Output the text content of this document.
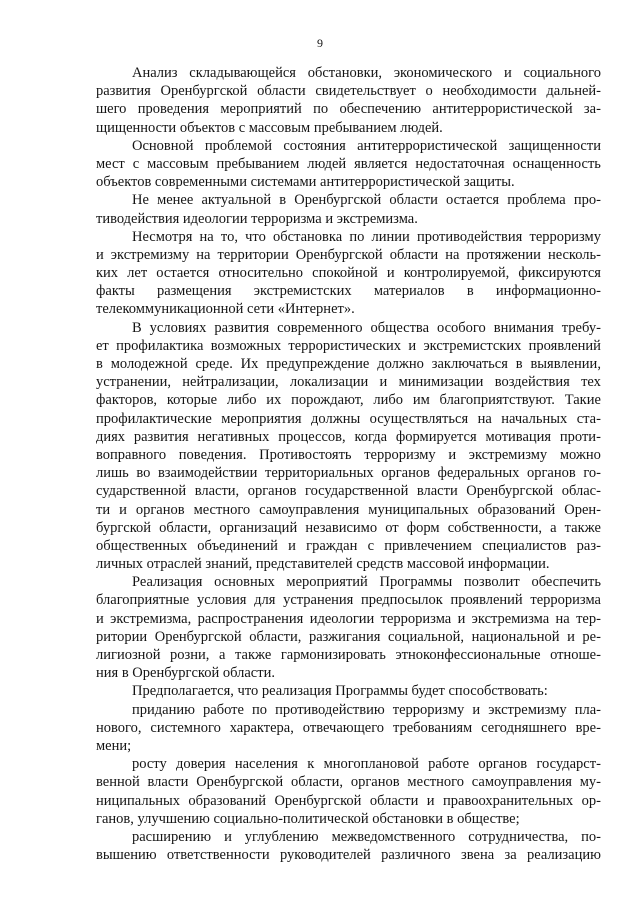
9
Анализ складывающейся обстановки, экономического и социального
развития Оренбургской области свидетельствует о необходимости дальней-
шего проведения мероприятий по обеспечению антитеррористической за-
щищенности объектов с массовым пребыванием людей.
Основной проблемой состояния антитеррористической защищенности
мест с массовым пребыванием людей является недостаточная оснащенность
объектов современными системами антитеррористической защиты.
Не менее актуальной в Оренбургской области остается проблема про-
тиводействия идеологии терроризма и экстремизма.
Несмотря на то, что обстановка по линии противодействия терроризму
и экстремизму на территории Оренбургской области на протяжении несколь-
ких лет остается относительно спокойной и контролируемой, фиксируются
факты размещения экстремистских материалов в информационно-
телекоммуникационной сети «Интернет».
В условиях развития современного общества особого внимания требу-
ет профилактика возможных террористических и экстремистских проявлений
в молодежной среде. Их предупреждение должно заключаться в выявлении,
устранении, нейтрализации, локализации и минимизации воздействия тех
факторов, которые либо их порождают, либо им благоприятствуют. Такие
профилактические мероприятия должны осуществляться на начальных ста-
диях развития негативных процессов, когда формируется мотивация проти-
воправного поведения. Противостоять терроризму и экстремизму можно
лишь во взаимодействии территориальных органов федеральных органов го-
сударственной власти, органов государственной власти Оренбургской облас-
ти и органов местного самоуправления муниципальных образований Орен-
бургской области, организаций независимо от форм собственности, а также
общественных объединений и граждан с привлечением специалистов раз-
личных отраслей знаний, представителей средств массовой информации.
Реализация основных мероприятий Программы позволит обеспечить
благоприятные условия для устранения предпосылок проявлений терроризма
и экстремизма, распространения идеологии терроризма и экстремизма на тер-
ритории Оренбургской области, разжигания социальной, национальной и ре-
лигиозной розни, а также гармонизировать этноконфессиональные отноше-
ния в Оренбургской области.
Предполагается, что реализация Программы будет способствовать:
приданию работе по противодействию терроризму и экстремизму пла-
нового, системного характера, отвечающего требованиям сегодняшнего вре-
мени;
росту доверия населения к многоплановой работе органов государст-
венной власти Оренбургской области, органов местного самоуправления му-
ниципальных образований Оренбургской области и правоохранительных ор-
ганов, улучшению социально-политической обстановки в обществе;
расширению и углублению межведомственного сотрудничества, по-
вышению ответственности руководителей различного звена за реализацию
